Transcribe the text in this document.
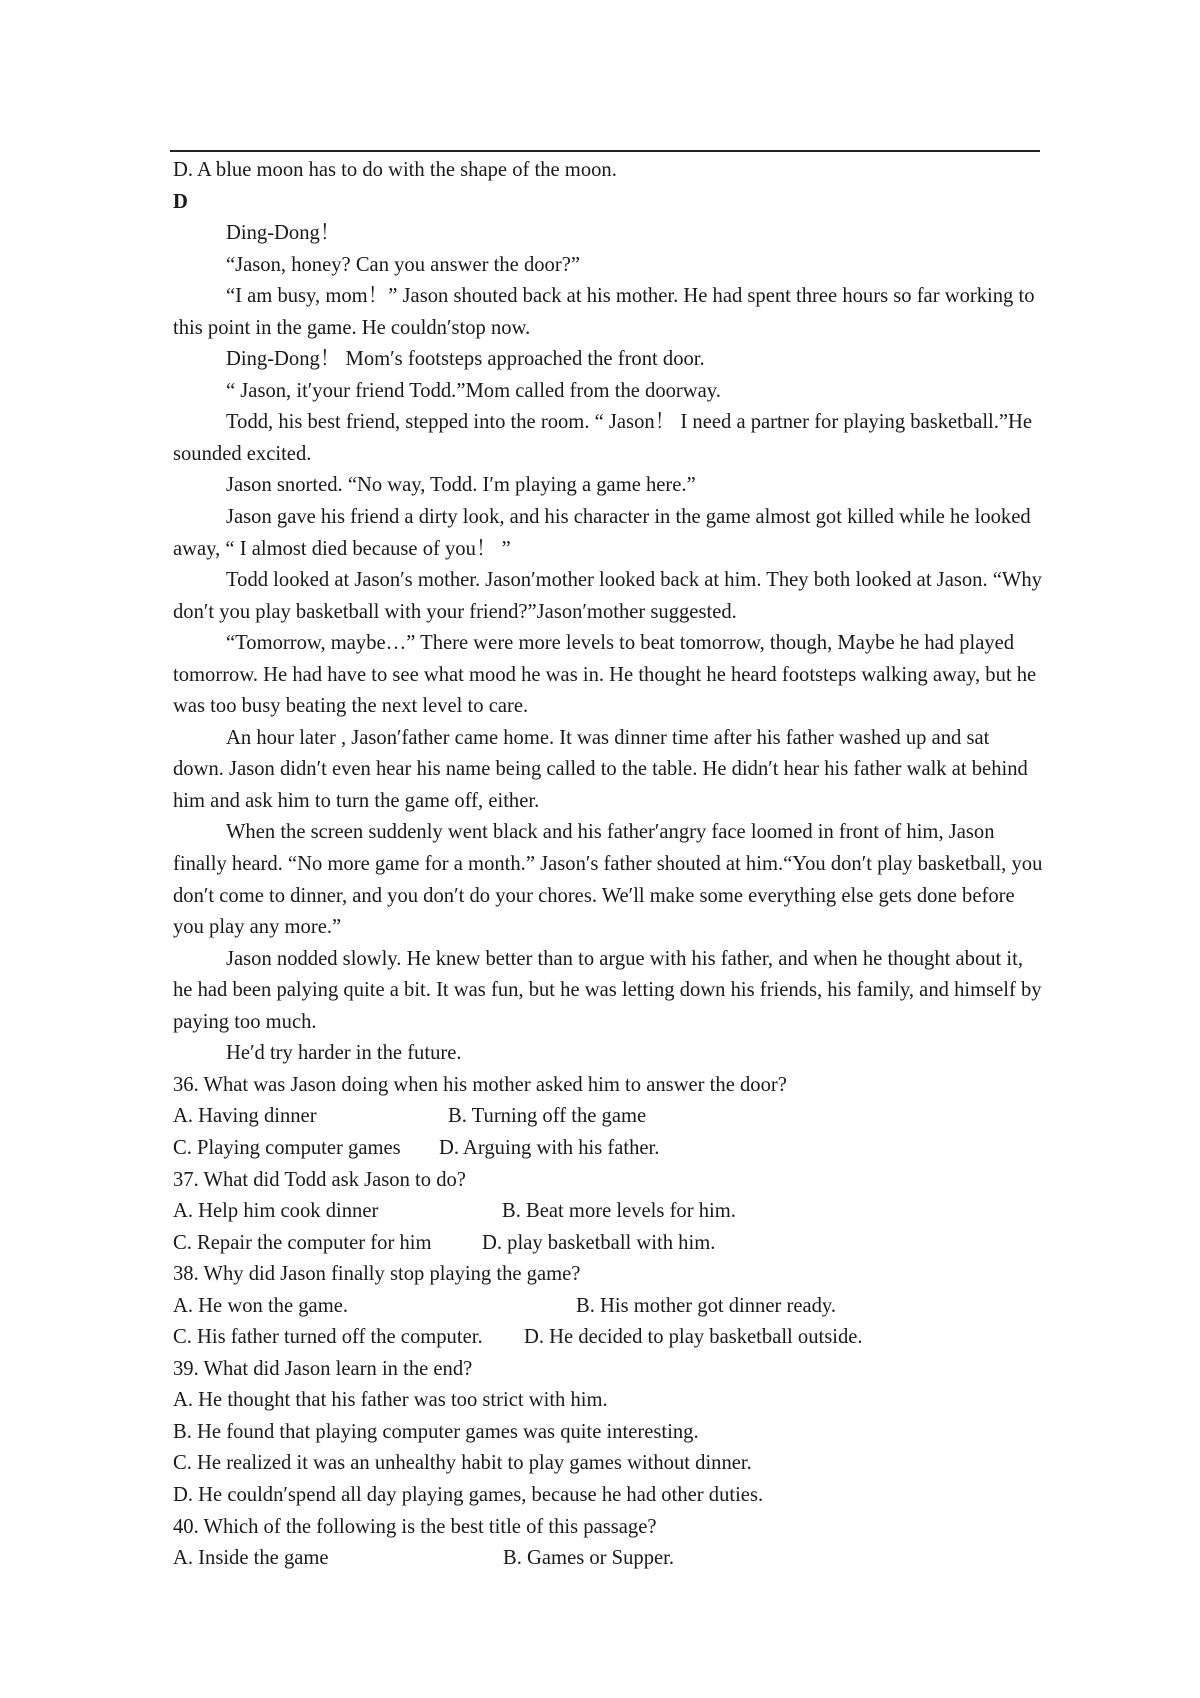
D. A blue moon has to do with the shape of the moon.

D

Ding-Dong！

“Jason, honey? Can you answer the door?”

“I am busy, mom！” Jason shouted back at his mother. He had spent three hours so far working to this point in the game. He couldn′stop now.

Ding-Dong！ Mom′s footsteps approached the front door.

“ Jason, it′your friend Todd.”Mom called from the doorway.

Todd, his best friend, stepped into the room. “ Jason！ I need a partner for playing basketball.”He sounded excited.

Jason snorted. “No way, Todd. I′m playing a game here.”

Jason gave his friend a dirty look, and his character in the game almost got killed while he looked away, “ I almost died because of you！ ”

Todd looked at Jason′s mother. Jason′mother looked back at him. They both looked at Jason. “Why don′t you play basketball with your friend?”Jason′mother suggested.

“Tomorrow, maybe…” There were more levels to beat tomorrow, though, Maybe he had played tomorrow. He had have to see what mood he was in. He thought he heard footsteps walking away, but he was too busy beating the next level to care.

An hour later , Jason′father came home. It was dinner time after his father washed up and sat down. Jason didn′t even hear his name being called to the table. He didn′t hear his father walk at behind him and ask him to turn the game off, either.

When the screen suddenly went black and his father′angry face loomed in front of him, Jason finally heard. “No more game for a month.” Jason′s father shouted at him.“You don′t play basketball, you don′t come to dinner, and you don′t do your chores. We′ll make some everything else gets done before you play any more.”

Jason nodded slowly. He knew better than to argue with his father, and when he thought about it, he had been palying quite a bit. It was fun, but he was letting down his friends, his family, and himself by paying too much.

He′d try harder in the future.

36. What was Jason doing when his mother asked him to answer the door?

A. Having dinner	B. Turning off the game

C. Playing computer games D. Arguing with his father.

37. What did Todd ask Jason to do?

A. Help him cook dinner	B. Beat more levels for him.

C. Repair the computer for him D. play basketball with him.

38. Why did Jason finally stop playing the game?

A. He won the game.	B. His mother got dinner ready.

C. His father turned off the computer. D. He decided to play basketball outside.

39. What did Jason learn in the end?

A. He thought that his father was too strict with him.

B. He found that playing computer games was quite interesting.

C. He realized it was an unhealthy habit to play games without dinner.

D. He couldn′spend all day playing games, because he had other duties.

40. Which of the following is the best title of this passage?

A. Inside the game	B. Games or Supper.
